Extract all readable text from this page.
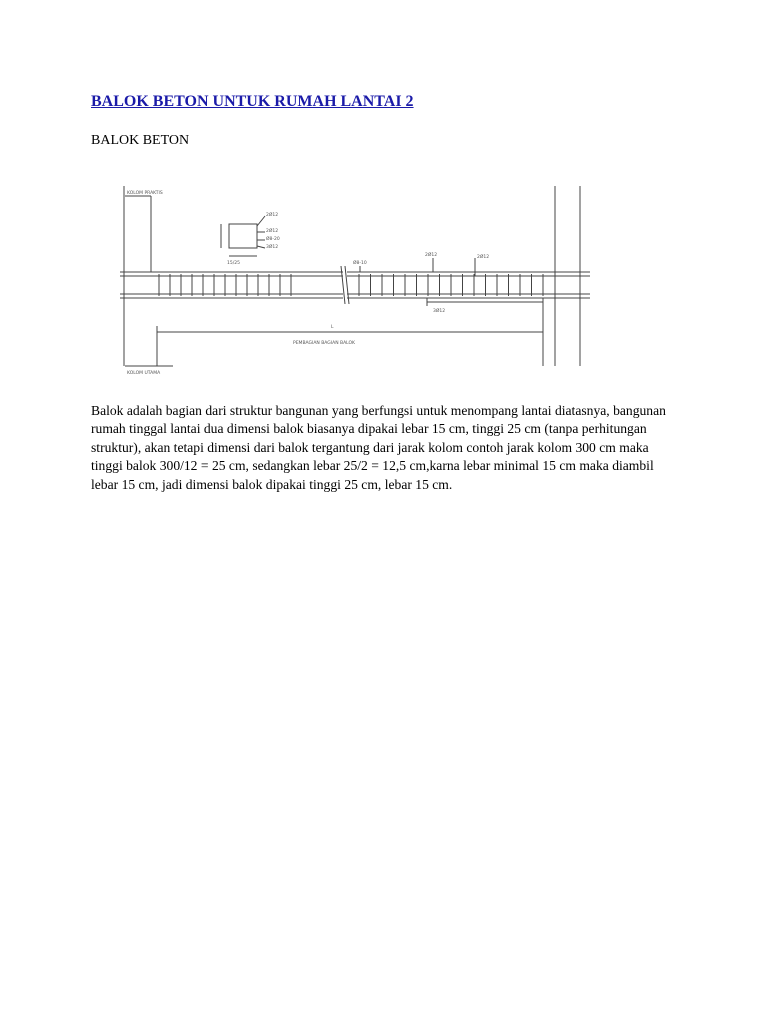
BALOK BETON UNTUK RUMAH LANTAI 2

BALOK BETON

KOLOM PRAKTIS
KOLOM UTAMA
L
PEMBAGIAN BAGIAN BALOK
2Ø12
2Ø12
Ø8-20
3Ø12
15/25	Ø8-10
2Ø12	2Ø12
3Ø12

Balok adalah bagian dari struktur bangunan yang berfungsi untuk menompang lantai diatasnya, bangunan rumah tinggal lantai dua dimensi balok biasanya dipakai lebar 15 cm, tinggi 25 cm (tanpa perhitungan struktur), akan tetapi dimensi dari balok tergantung dari jarak kolom contoh jarak kolom 300 cm maka tinggi balok 300/12 = 25 cm, sedangkan lebar 25/2 = 12,5 cm,karna lebar minimal 15 cm maka diambil lebar 15 cm, jadi dimensi balok dipakai tinggi 25 cm, lebar 15 cm.
